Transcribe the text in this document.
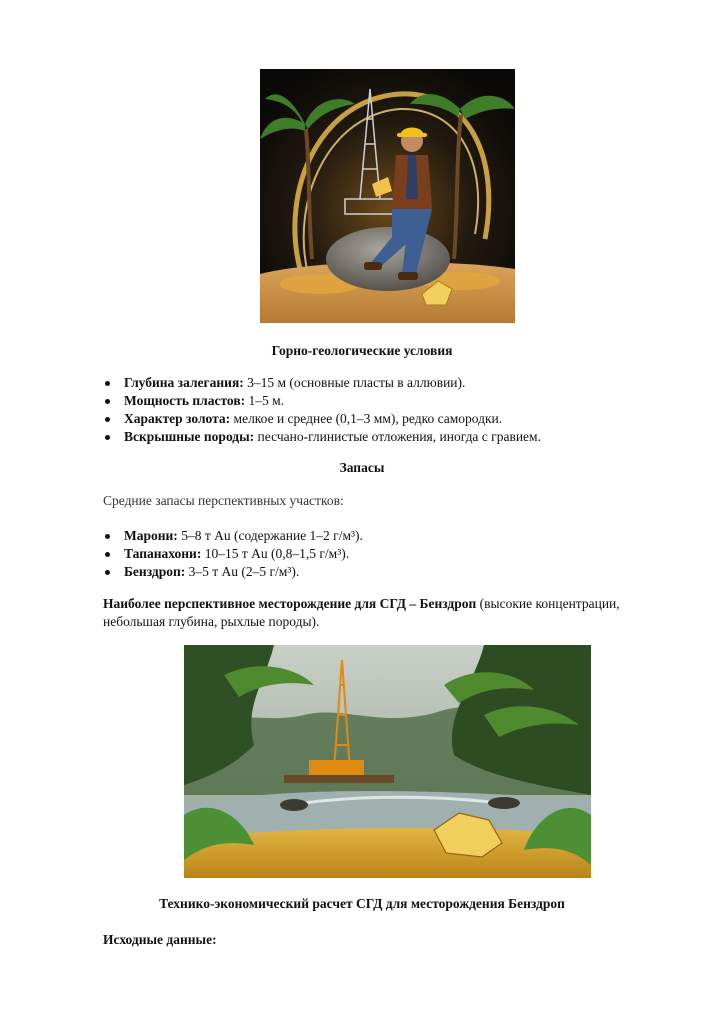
Горно-геологические условия
Глубина залегания: 3–15 м (основные пласты в аллювии).
Мощность пластов: 1–5 м.
Характер золота: мелкое и среднее (0,1–3 мм), редко самородки.
Вскрышные породы: песчано-глинистые отложения, иногда с гравием.
Запасы
Средние запасы перспективных участков:
Марони: 5–8 т Au (содержание 1–2 г/м³).
Тапанахони: 10–15 т Au (0,8–1,5 г/м³).
Бенздроп: 3–5 т Au (2–5 г/м³).
Наиболее перспективное месторождение для СГД – Бенздроп (высокие концентрации, небольшая глубина, рыхлые породы).
Технико-экономический расчет СГД для месторождения Бенздроп
Исходные данные:
